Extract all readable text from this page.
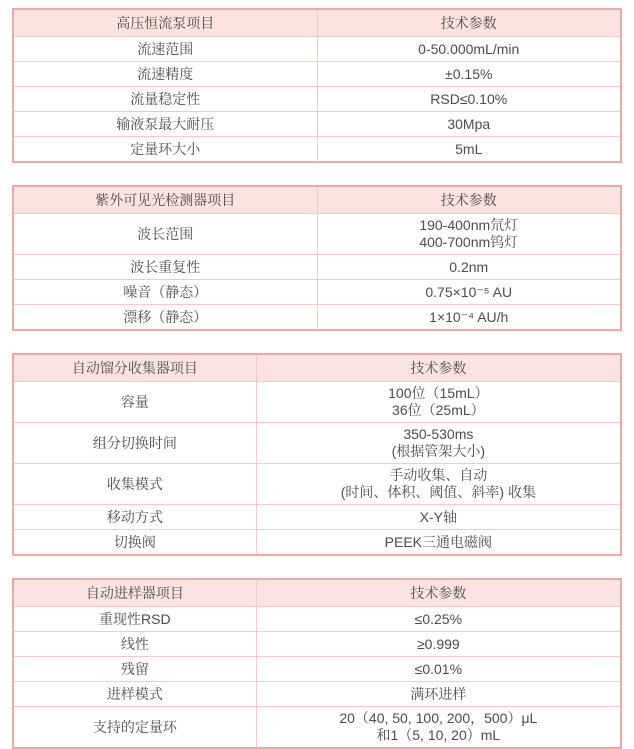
高压恒流泵项目	技术参数
流速范围	0-50.000mL/min

流速精度	±0.15%

流量稳定性	RSD≤0.10%

输液泵最大耐压	30Mpa

定量环大小	5mL
紫外可见光检测器项目	技术参数
波长范围	190-400nm氘灯
400-700nm钨灯

波长重复性	0.2nm

噪音（静态）	0.75×10⁻⁵ AU

漂移（静态）	1×10⁻⁴ AU/h
自动馏分收集器项目	技术参数
容量	100位（15mL）
36位（25mL）

组分切换时间	350-530ms
(根据管架大小)

收集模式	手动收集、自动
(时间、体积、阈值、斜率) 收集

移动方式	X-Y轴

切换阀	PEEK三通电磁阀
自动进样器项目	技术参数
重现性RSD	≤0.25%

线性	≥0.999

残留	≤0.01%

进样模式	满环进样

支持的定量环	20（40, 50, 100, 200，500）μL
和1（5, 10, 20）mL
